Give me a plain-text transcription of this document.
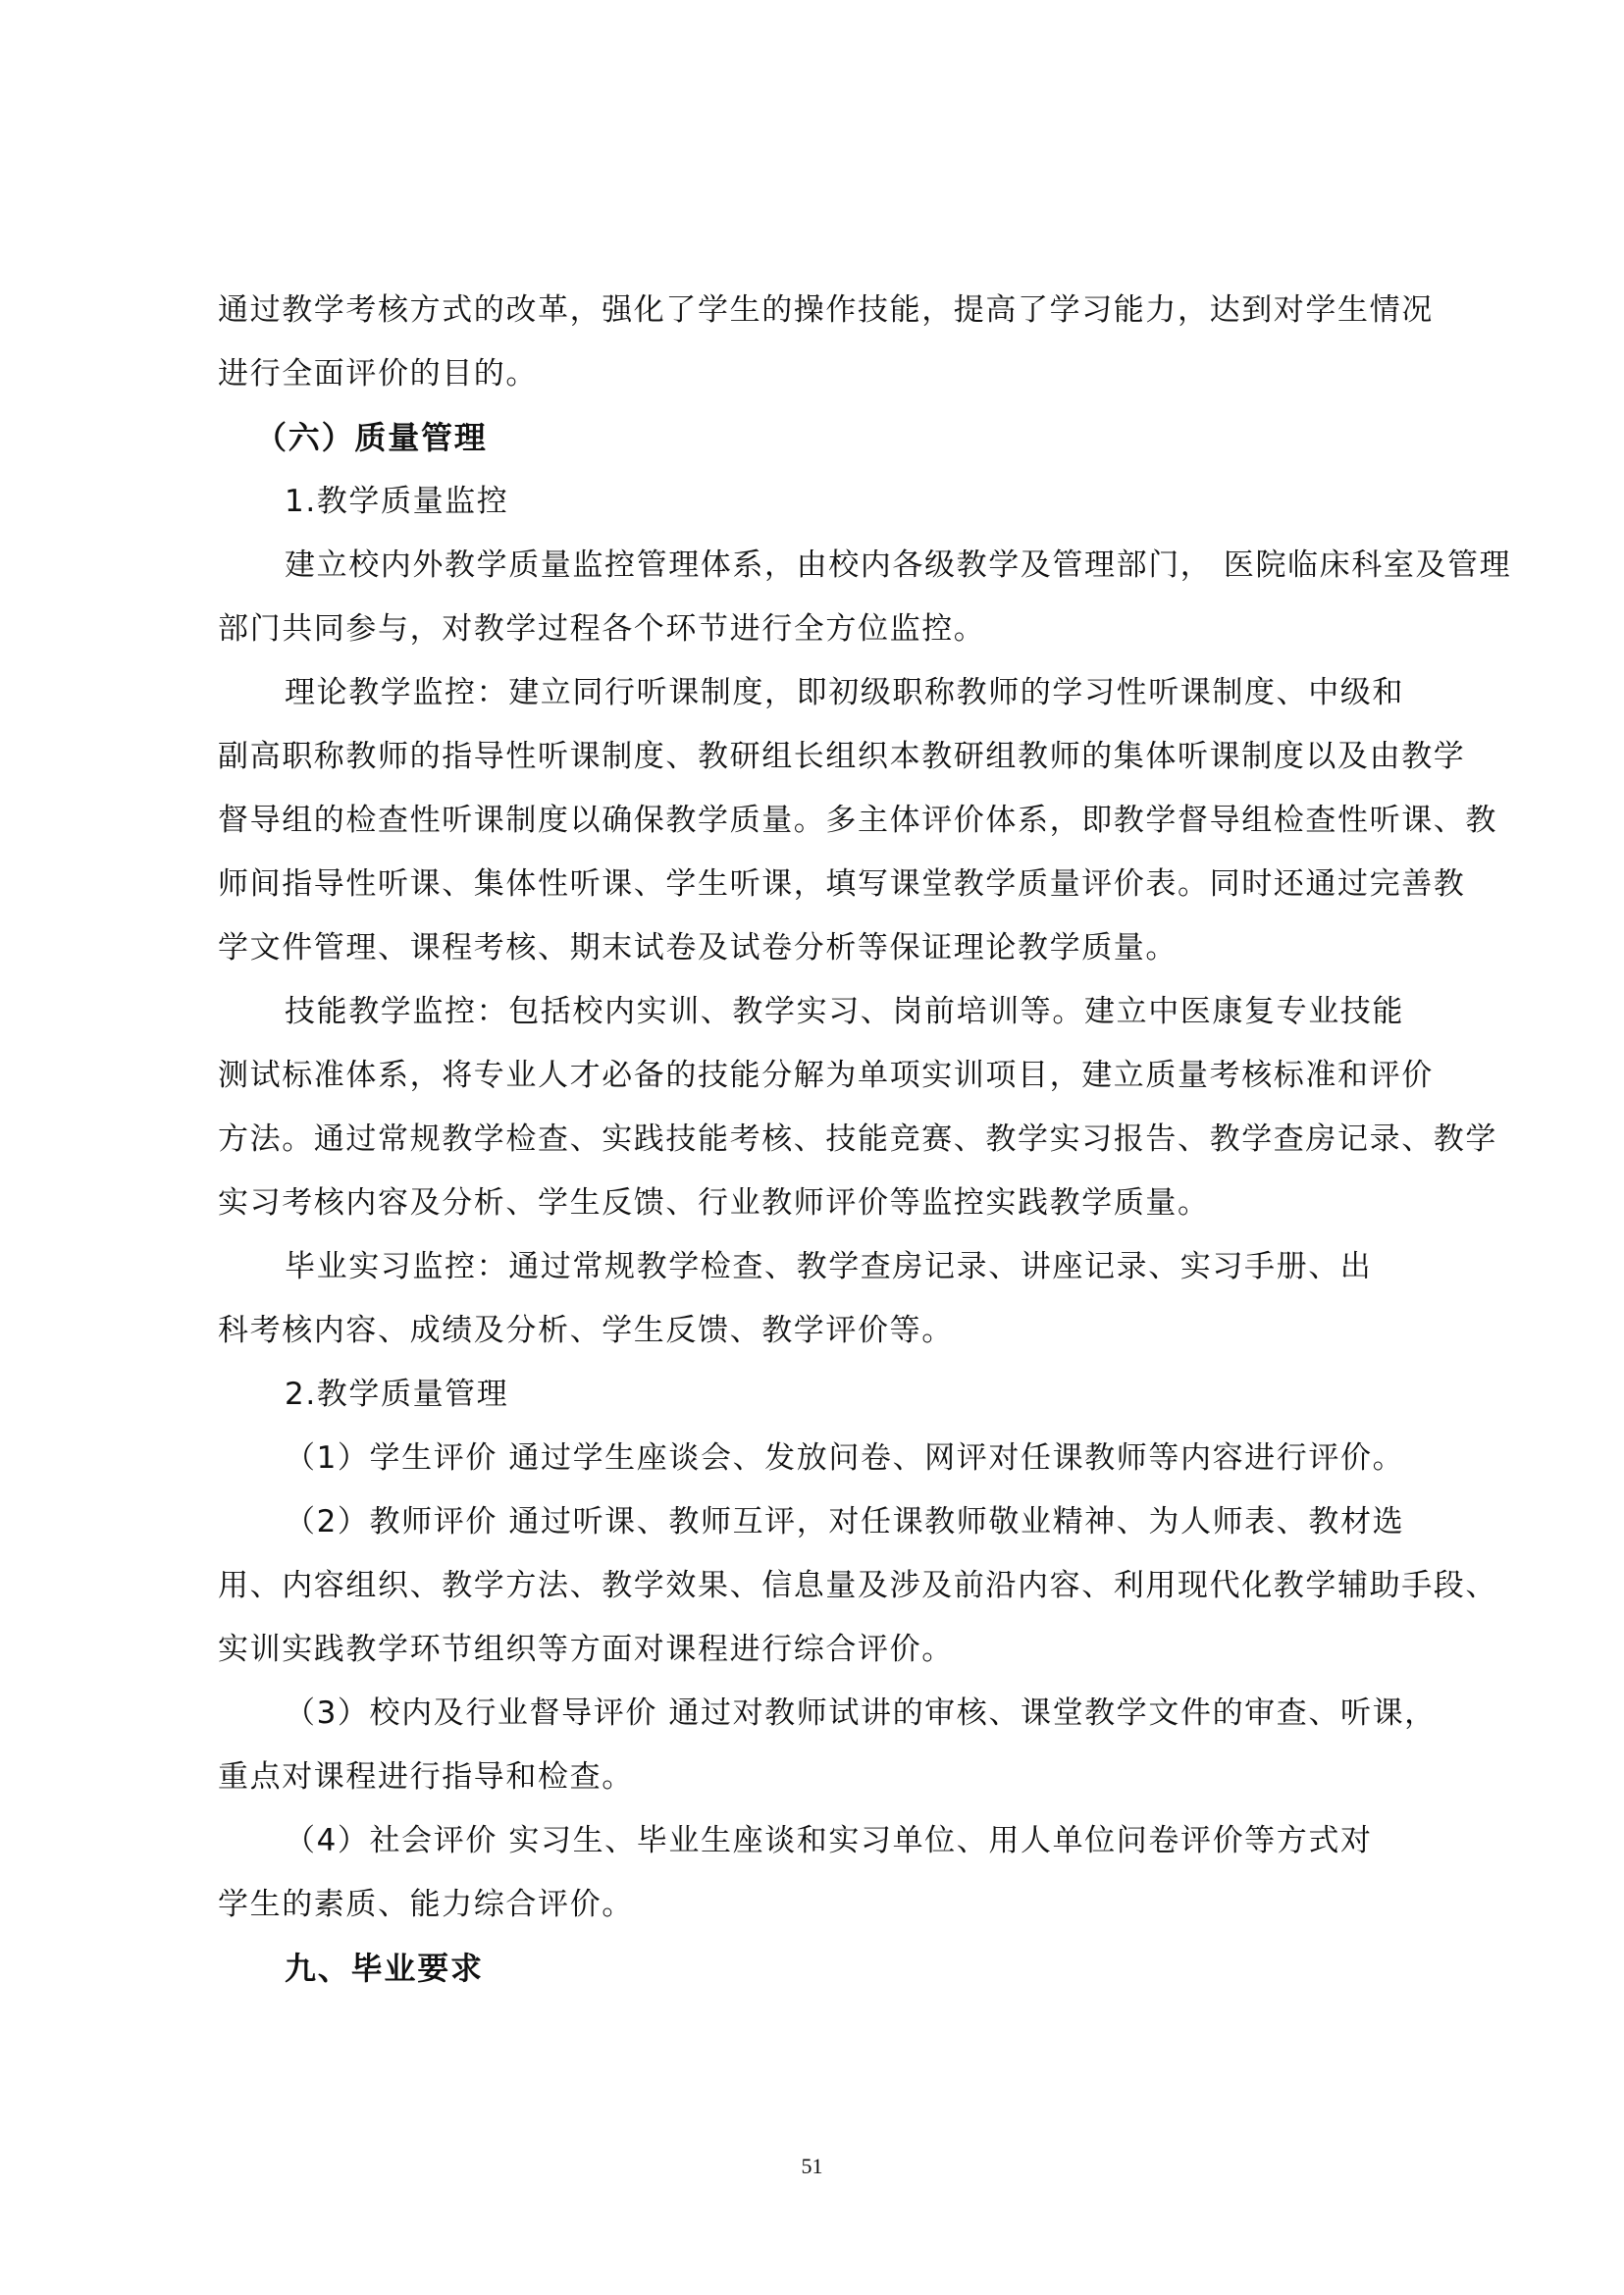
通过教学考核方式的改革，强化了学生的操作技能，提高了学习能力，达到对学生情况
进行全面评价的目的。
（六）质量管理
1.教学质量监控
建立校内外教学质量监控管理体系，由校内各级教学及管理部门， 医院临床科室及管理
部门共同参与，对教学过程各个环节进行全方位监控。
理论教学监控：建立同行听课制度，即初级职称教师的学习性听课制度、中级和
副高职称教师的指导性听课制度、教研组长组织本教研组教师的集体听课制度以及由教学
督导组的检查性听课制度以确保教学质量。多主体评价体系，即教学督导组检查性听课、教
师间指导性听课、集体性听课、学生听课，填写课堂教学质量评价表。同时还通过完善教
学文件管理、课程考核、期末试卷及试卷分析等保证理论教学质量。
技能教学监控：包括校内实训、教学实习、岗前培训等。建立中医康复专业技能
测试标准体系，将专业人才必备的技能分解为单项实训项目，建立质量考核标准和评价
方法。通过常规教学检查、实践技能考核、技能竞赛、教学实习报告、教学查房记录、教学
实习考核内容及分析、学生反馈、行业教师评价等监控实践教学质量。
毕业实习监控：通过常规教学检查、教学查房记录、讲座记录、实习手册、出
科考核内容、成绩及分析、学生反馈、教学评价等。
2.教学质量管理
（1）学生评价 通过学生座谈会、发放问卷、网评对任课教师等内容进行评价。
（2）教师评价 通过听课、教师互评，对任课教师敬业精神、为人师表、教材选
用、内容组织、教学方法、教学效果、信息量及涉及前沿内容、利用现代化教学辅助手段、
实训实践教学环节组织等方面对课程进行综合评价。
（3）校内及行业督导评价 通过对教师试讲的审核、课堂教学文件的审查、听课，
重点对课程进行指导和检查。
（4）社会评价 实习生、毕业生座谈和实习单位、用人单位问卷评价等方式对
学生的素质、能力综合评价。
九、毕业要求
51
